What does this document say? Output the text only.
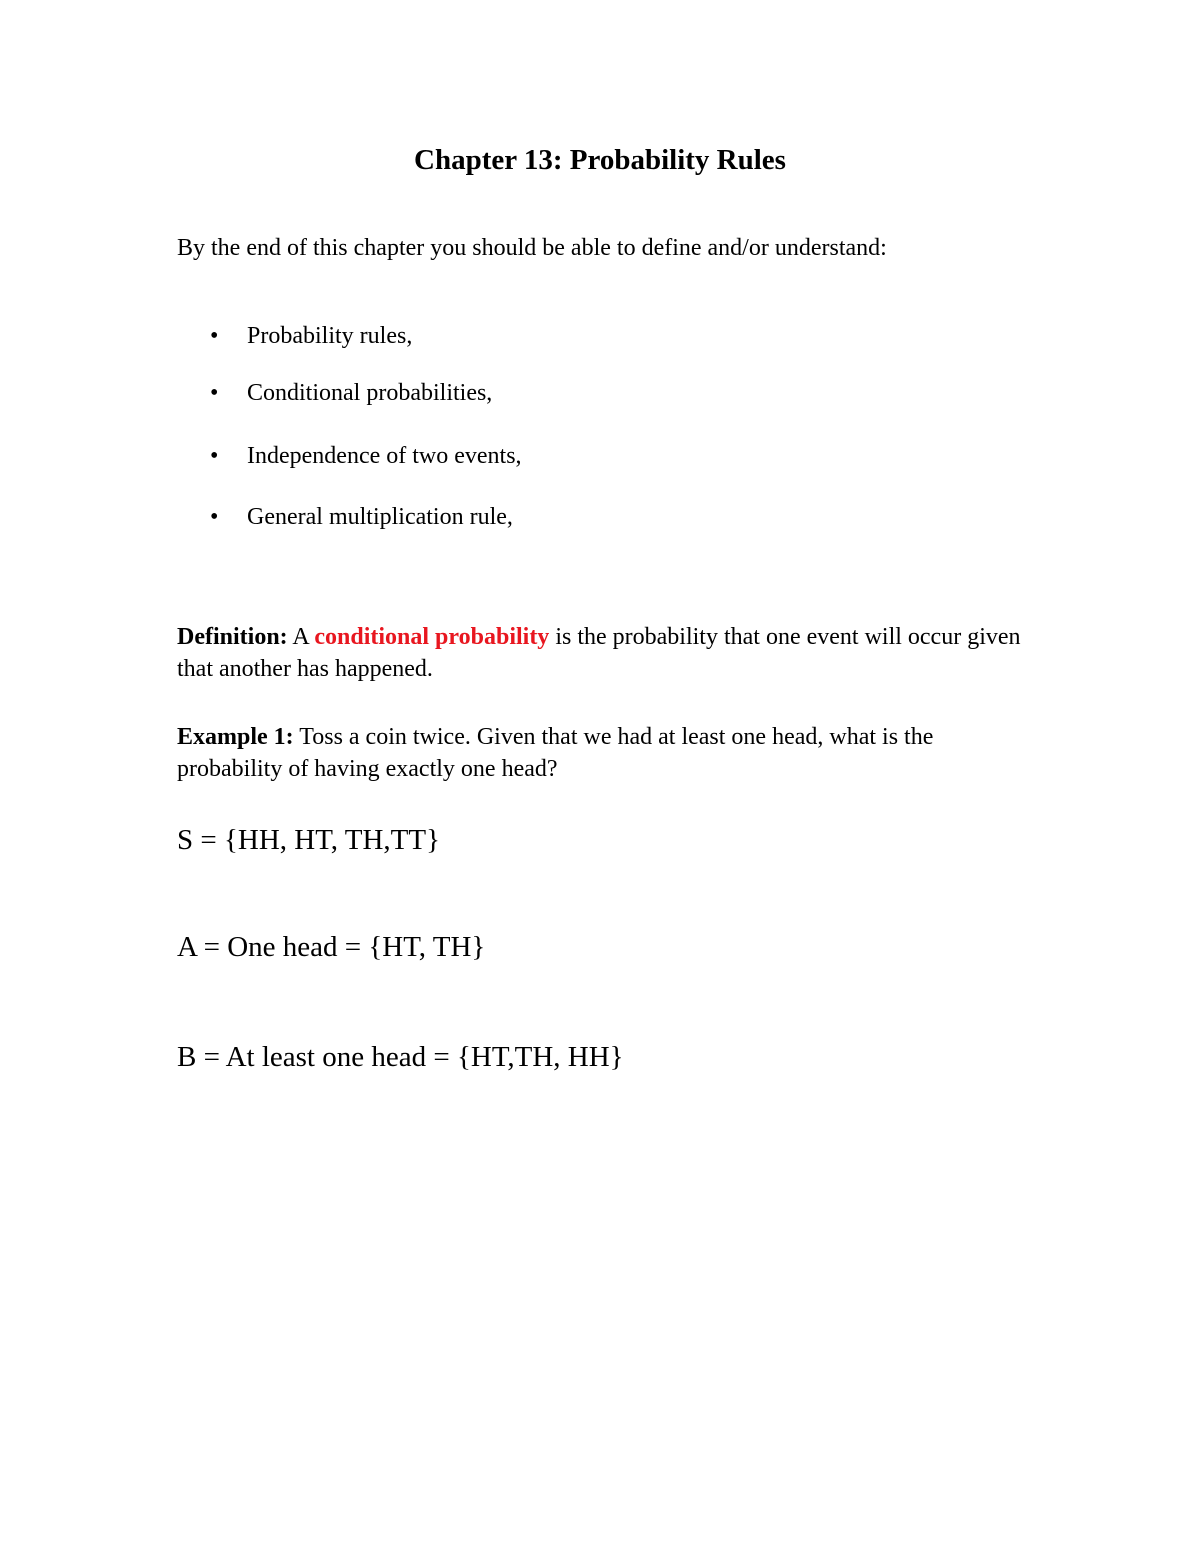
Chapter 13: Probability Rules
By the end of this chapter you should be able to define and/or understand:
•	Probability rules,
•	Conditional probabilities,
•	Independence of two events,
•	General multiplication rule,
Definition: A conditional probability is the probability that one event will occur given that another has happened.
Example 1: Toss a coin twice. Given that we had at least one head, what is the probability of having exactly one head?
S = {HH, HT, TH,TT}
A = One head = {HT, TH}
B = At least one head = {HT,TH, HH}
